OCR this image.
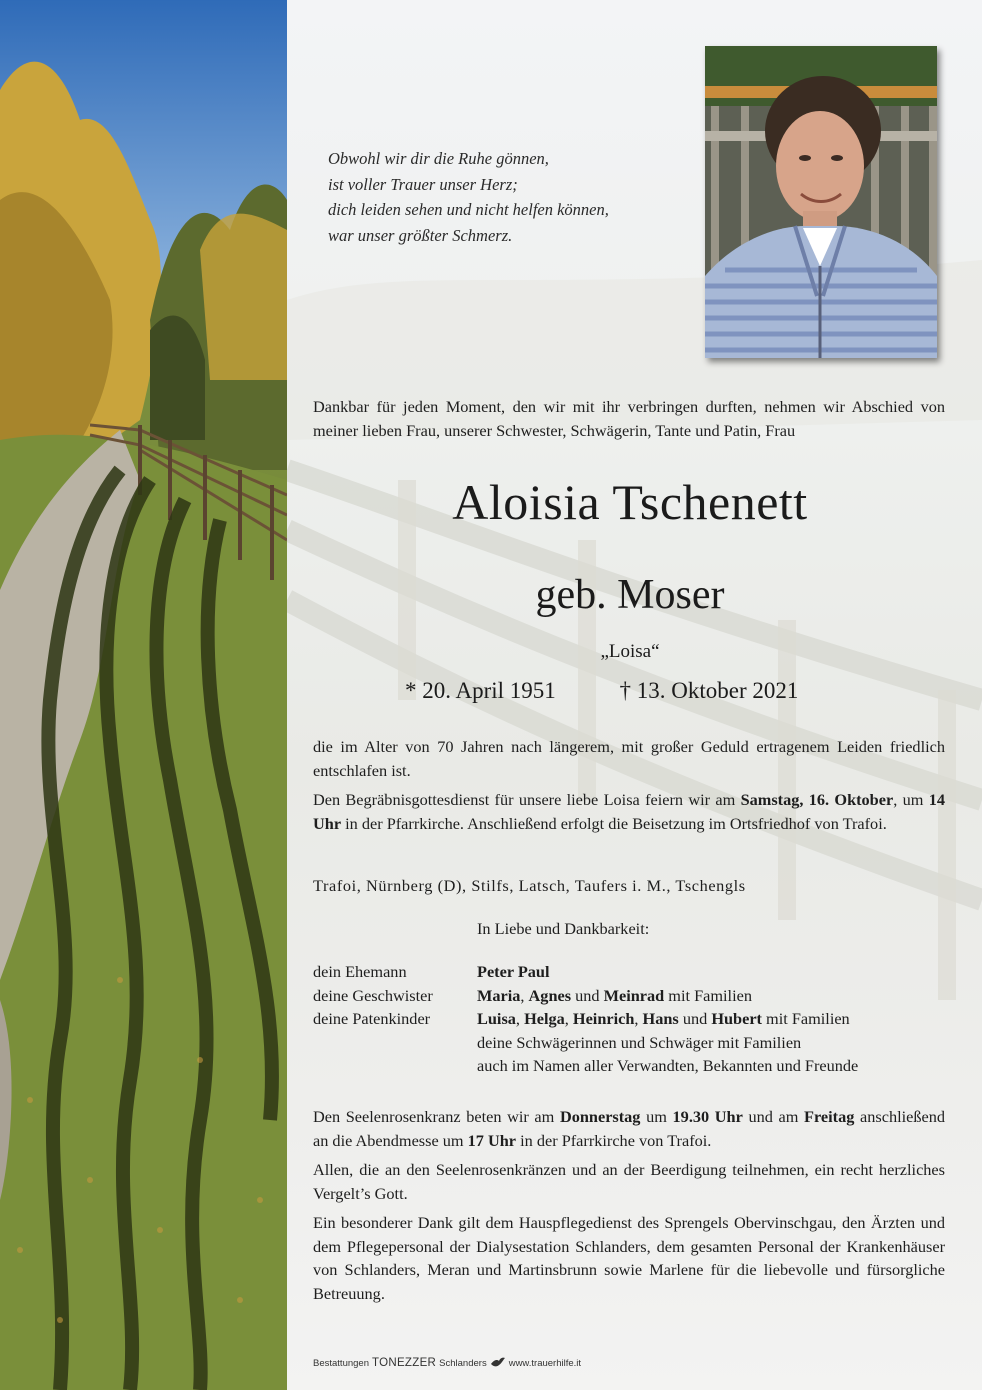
Obwohl wir dir die Ruhe gönnen,
ist voller Trauer unser Herz;
dich leiden sehen und nicht helfen können,
war unser größter Schmerz.
Dankbar für jeden Moment, den wir mit ihr verbringen durften, nehmen wir Abschied von meiner lieben Frau, unserer Schwester, Schwägerin, Tante und Patin, Frau
Aloisia Tschenett
geb. Moser
„Loisa“
* 20. April 1951	† 13. Oktober 2021
die im Alter von 70 Jahren nach längerem, mit großer Geduld ertragenem Leiden friedlich entschlafen ist.
Den Begräbnisgottesdienst für unsere liebe Loisa feiern wir am Samstag, 16. Oktober, um 14 Uhr in der Pfarrkirche. Anschließend erfolgt die Beisetzung im Ortsfriedhof von Trafoi.
Trafoi, Nürnberg (D), Stilfs, Latsch, Taufers i. M., Tschengls
In Liebe und Dankbarkeit:
dein Ehemann	Peter Paul
deine Geschwister	Maria, Agnes und Meinrad mit Familien
deine Patenkinder	Luisa, Helga, Heinrich, Hans und Hubert mit Familien
deine Schwägerinnen und Schwäger mit Familien
auch im Namen aller Verwandten, Bekannten und Freunde
Den Seelenrosenkranz beten wir am Donnerstag um 19.30 Uhr und am Freitag anschließend an die Abendmesse um 17 Uhr in der Pfarrkirche von Trafoi.
Allen, die an den Seelenrosenkränzen und an der Beerdigung teilnehmen, ein recht herzliches Vergelt’s Gott.
Ein besonderer Dank gilt dem Hauspflegedienst des Sprengels Obervinschgau, den Ärzten und dem Pflegepersonal der Dialysestation Schlanders, dem gesamten Personal der Krankenhäuser von Schlanders, Meran und Martinsbrunn sowie Marlene für die liebevolle und fürsorgliche Betreuung.
Bestattungen TONEZZER Schlanders www.trauerhilfe.it
